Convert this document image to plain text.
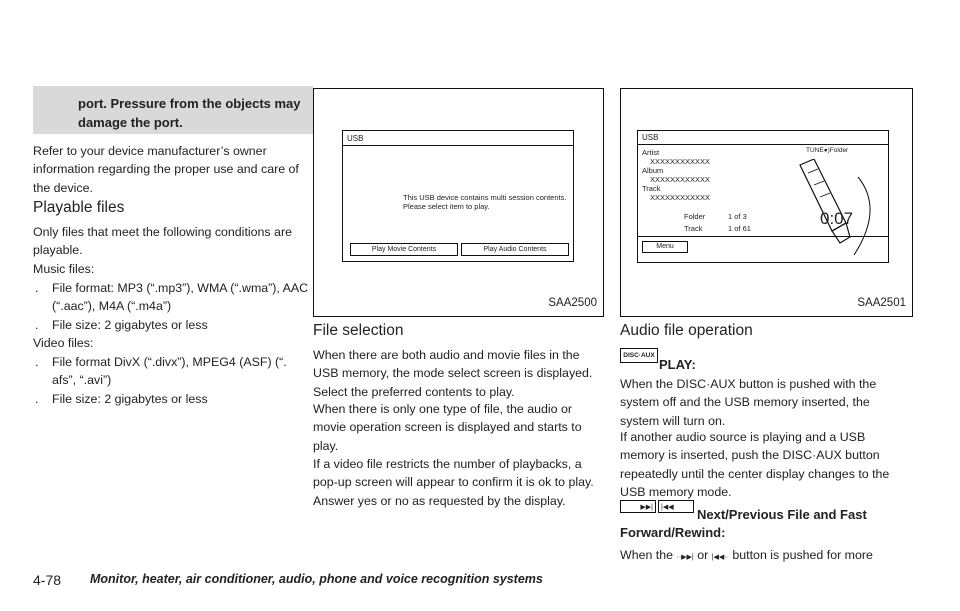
port. Pressure from the objects may damage the port.

Refer to your device manufacturer’s owner information regarding the proper use and care of the device.

Playable files

Only files that meet the following conditions are playable.

Music files:

. File format: MP3 (“.mp3”), WMA (“.wma”), AAC (“.aac”), M4A (“.m4a”)
. File size: 2 gigabytes or less

Video files:

. File format DivX (“.divx”), MPEG4 (ASF) (“. afs”, “.avi”)
. File size: 2 gigabytes or less
USB
This USB device contains multi session contents.
Please select item to play.
Play Movie Contents	Play Audio Contents
SAA2500
File selection

When there are both audio and movie files in the USB memory, the mode select screen is displayed. Select the preferred contents to play.

When there is only one type of file, the audio or movie operation screen is displayed and starts to play.

If a video file restricts the number of playbacks, a pop-up screen will appear to confirm it is ok to play. Answer yes or no as requested by the display.

USB
Artist
XXXXXXXXXXXX
Album
XXXXXXXXXXXX
Track
XXXXXXXXXXXX
TUNE●)Folder
Folder	1 of 3
Track	1 of 61
0:07
Menu
SAA2501
Audio file operation
DISC·AUX
PLAY:

When the DISC·AUX button is pushed with the system off and the USB memory inserted, the system will turn on.

If another audio source is playing and a USB memory is inserted, push the DISC·AUX button repeatedly until the center display changes to the USB memory mode.

▶▶|	|◀◀	Next/Previous File and Fast
Forward/Rewind:
When the ··▶▶| or |◀◀·· button is pushed for more
4-78 Monitor, heater, air conditioner, audio, phone and voice recognition systems
